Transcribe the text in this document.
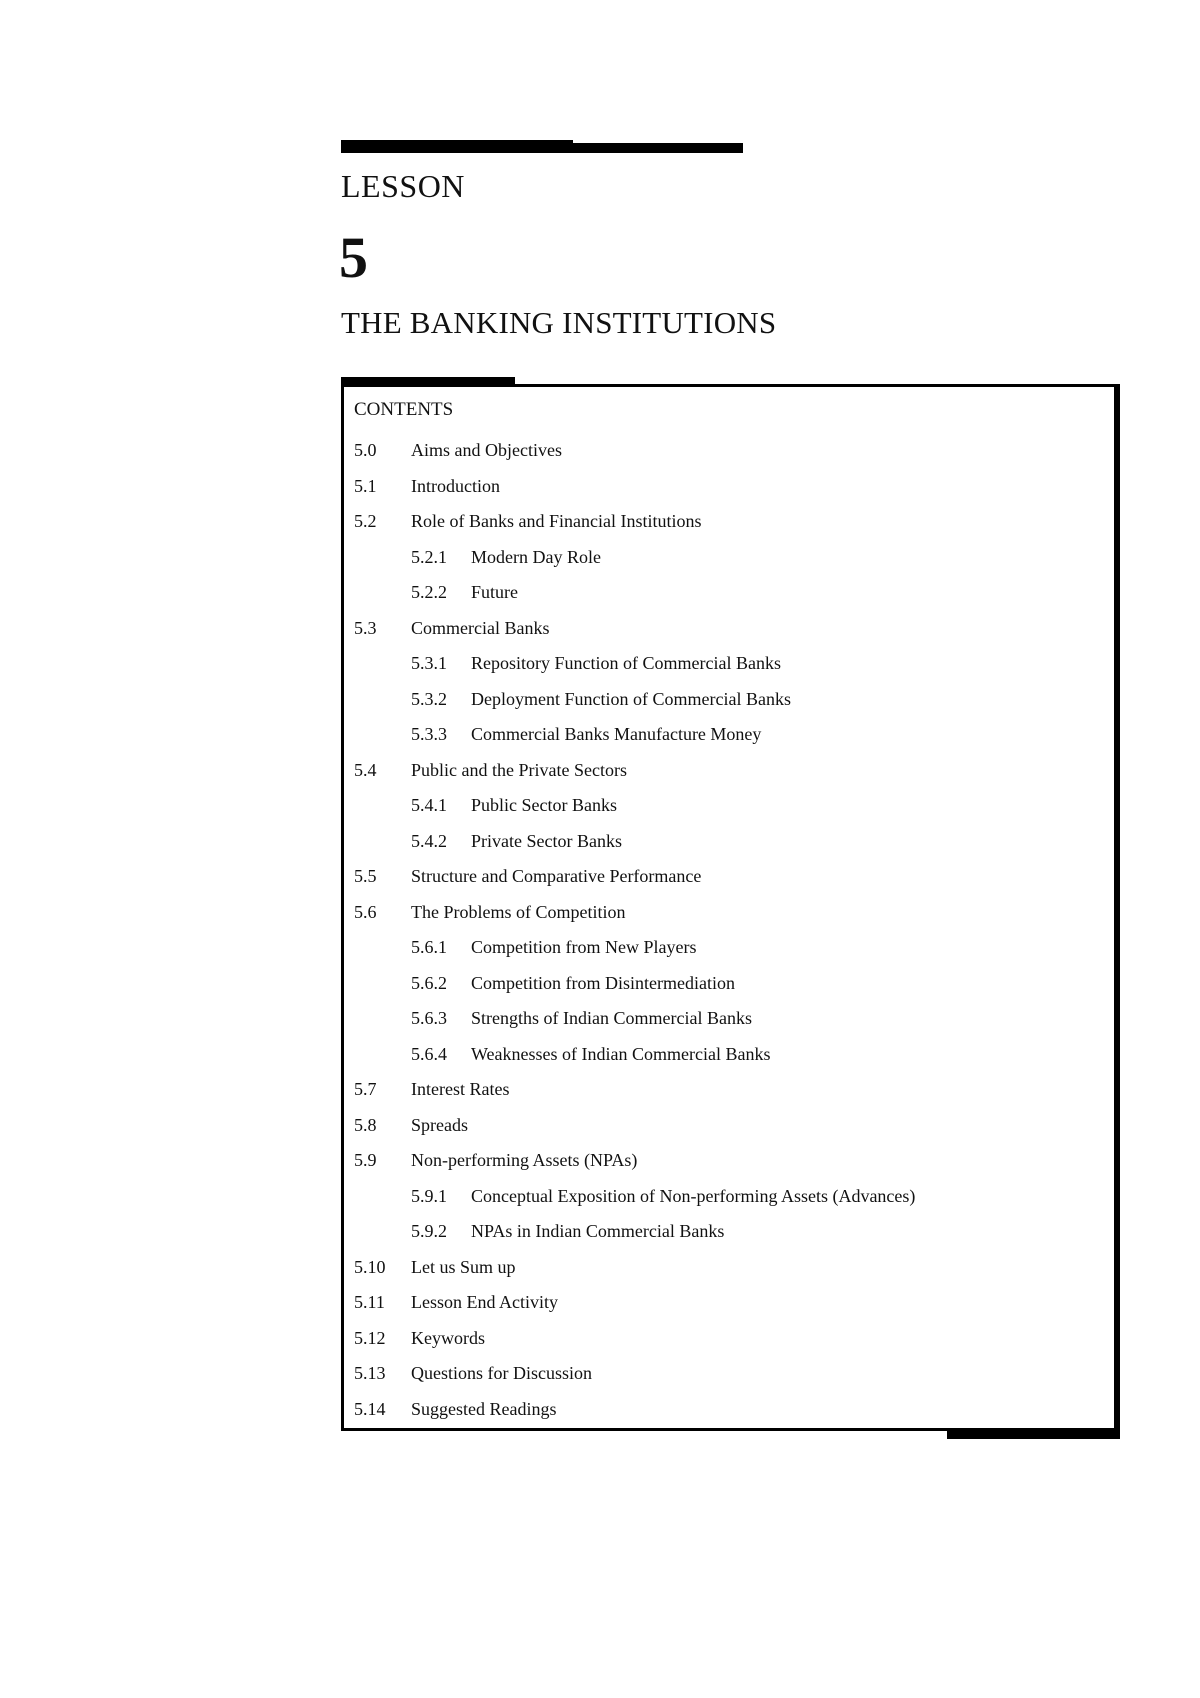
LESSON
5
THE BANKING INSTITUTIONS
CONTENTS
5.0	Aims and Objectives
5.1	Introduction
5.2	Role of Banks and Financial Institutions
5.2.1	Modern Day Role
5.2.2	Future
5.3	Commercial Banks
5.3.1	Repository Function of Commercial Banks
5.3.2	Deployment Function of Commercial Banks
5.3.3	Commercial Banks Manufacture Money
5.4	Public and the Private Sectors
5.4.1	Public Sector Banks
5.4.2	Private Sector Banks
5.5	Structure and Comparative Performance
5.6	The Problems of Competition
5.6.1	Competition from New Players
5.6.2	Competition from Disintermediation
5.6.3	Strengths of Indian Commercial Banks
5.6.4	Weaknesses of Indian Commercial Banks
5.7	Interest Rates
5.8	Spreads
5.9	Non-performing Assets (NPAs)
5.9.1	Conceptual Exposition of Non-performing Assets (Advances)
5.9.2	NPAs in Indian Commercial Banks
5.10	Let us Sum up
5.11	Lesson End Activity
5.12	Keywords
5.13	Questions for Discussion
5.14	Suggested Readings
